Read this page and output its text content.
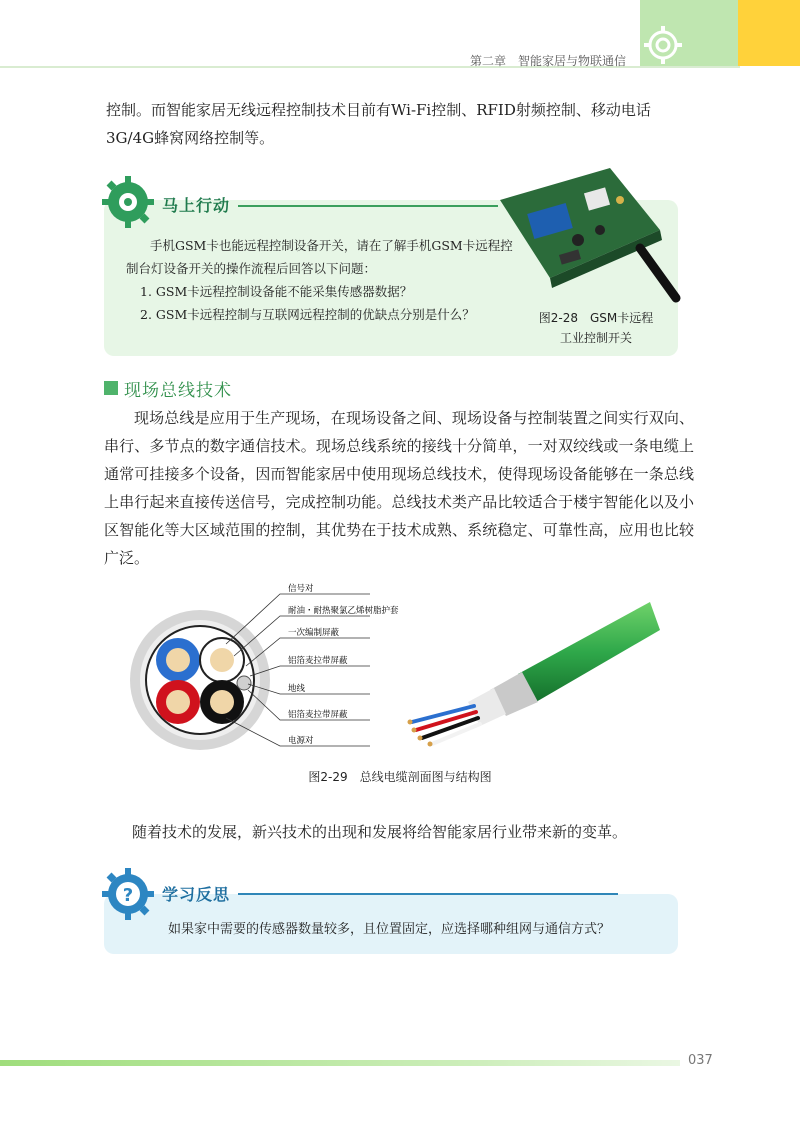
第二章　智能家居与物联通信
控制。而智能家居无线远程控制技术目前有Wi-Fi控制、RFID射频控制、移动电话3G/4G蜂窝网络控制等。
马上行动

手机GSM卡也能远程控制设备开关，请在了解手机GSM卡远程控制台灯设备开关的操作流程后回答以下问题：

1. GSM卡远程控制设备能不能采集传感器数据？

2. GSM卡远程控制与互联网远程控制的优缺点分别是什么？	图2-28　GSM卡远程
工业控制开关
现场总线技术
现场总线是应用于生产现场，在现场设备之间、现场设备与控制装置之间实行双向、串行、多节点的数字通信技术。现场总线系统的接线十分简单，一对双绞线或一条电缆上通常可挂接多个设备，因而智能家居中使用现场总线技术，使得现场设备能够在一条总线上串行起来直接传送信号，完成控制功能。总线技术类产品比较适合于楼宇智能化以及小区智能化等大区域范围的控制，其优势在于技术成熟、系统稳定、可靠性高，应用也比较广泛。
信号对
耐油・耐热聚氯乙烯树脂护套
一次编制屏蔽
铝箔麦拉带屏蔽
地线
铝箔麦拉带屏蔽
电源对
图2-29　总线电缆剖面图与结构图
随着技术的发展，新兴技术的出现和发展将给智能家居行业带来新的变革。
? 学习反思
如果家中需要的传感器数量较多，且位置固定，应选择哪种组网与通信方式？
037
